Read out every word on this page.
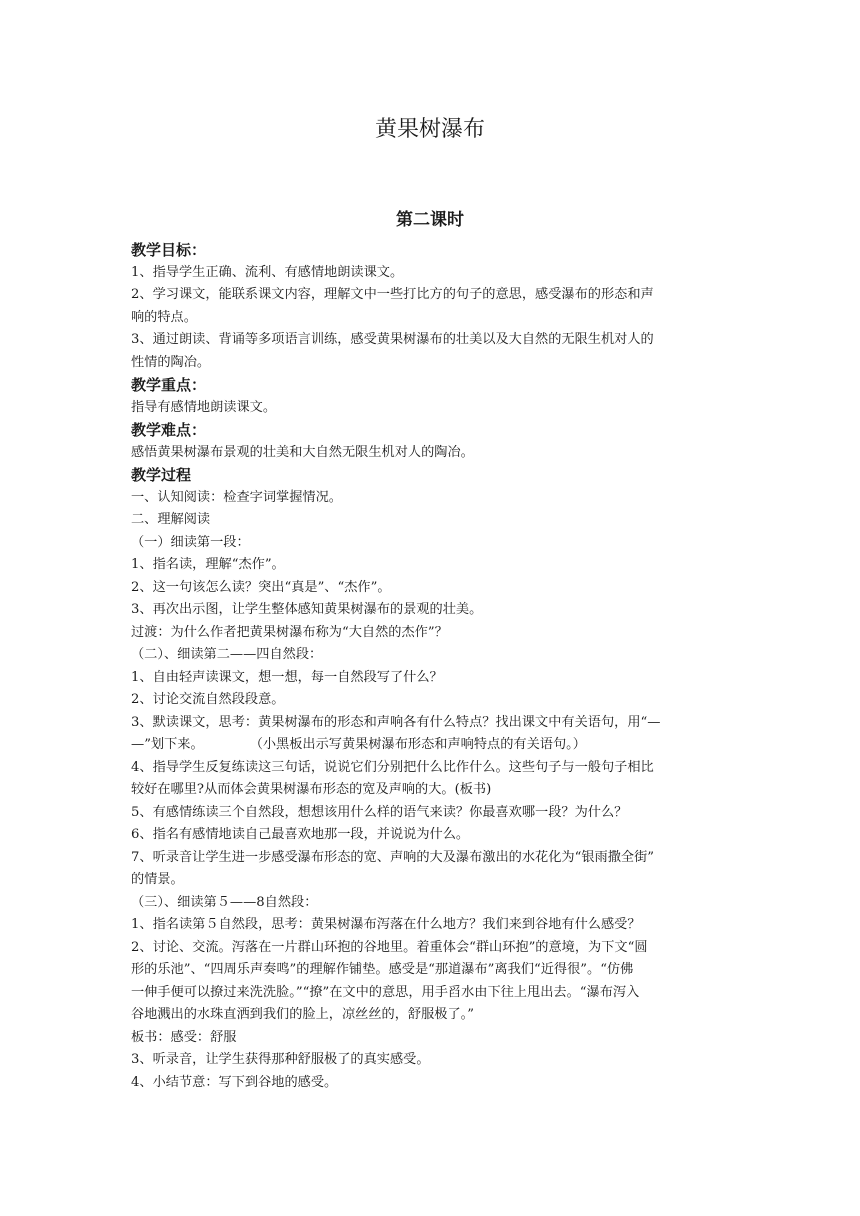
黄果树瀑布
第二课时
教学目标：
1、指导学生正确、流利、有感情地朗读课文。
2、学习课文，能联系课文内容，理解文中一些打比方的句子的意思，感受瀑布的形态和声
响的特点。
3、通过朗读、背诵等多项语言训练，感受黄果树瀑布的壮美以及大自然的无限生机对人的
性情的陶冶。
教学重点：
指导有感情地朗读课文。
教学难点：
感悟黄果树瀑布景观的壮美和大自然无限生机对人的陶冶。
教学过程
一、认知阅读：检查字词掌握情况。
二、理解阅读
（一）细读第一段：
1、指名读，理解“杰作”。
2、这一句该怎么读？突出“真是”、“杰作”。
3、再次出示图，让学生整体感知黄果树瀑布的景观的壮美。
过渡：为什么作者把黄果树瀑布称为“大自然的杰作”？
（二）、细读第二——四自然段：
1、自由轻声读课文，想一想，每一自然段写了什么？
2、讨论交流自然段段意。
3、默读课文，思考：黄果树瀑布的形态和声响各有什么特点？找出课文中有关语句，用“—
—”划下来。	（小黑板出示写黄果树瀑布形态和声响特点的有关语句。）
4、指导学生反复练读这三句话，说说它们分别把什么比作什么。这些句子与一般句子相比
较好在哪里?从而体会黄果树瀑布形态的宽及声响的大。(板书)
5、有感情练读三个自然段，想想该用什么样的语气来读？你最喜欢哪一段？为什么？
6、指名有感情地读自己最喜欢地那一段，并说说为什么。
7、听录音让学生进一步感受瀑布形态的宽、声响的大及瀑布激出的水花化为“银雨撒全街”
的情景。
（三）、细读第５——8自然段：
1、指名读第５自然段，思考：黄果树瀑布泻落在什么地方？我们来到谷地有什么感受？
2、讨论、交流。泻落在一片群山环抱的谷地里。着重体会“群山环抱”的意境，为下文“圆
形的乐池”、“四周乐声奏鸣”的理解作铺垫。感受是“那道瀑布”离我们“近得很”。“仿佛
一伸手便可以撩过来洗洗脸。”“撩”在文中的意思，用手舀水由下往上甩出去。“瀑布泻入
谷地溅出的水珠直洒到我们的脸上，凉丝丝的，舒服极了。”
板书：感受：舒服
3、听录音，让学生获得那种舒服极了的真实感受。
4、小结节意：写下到谷地的感受。
